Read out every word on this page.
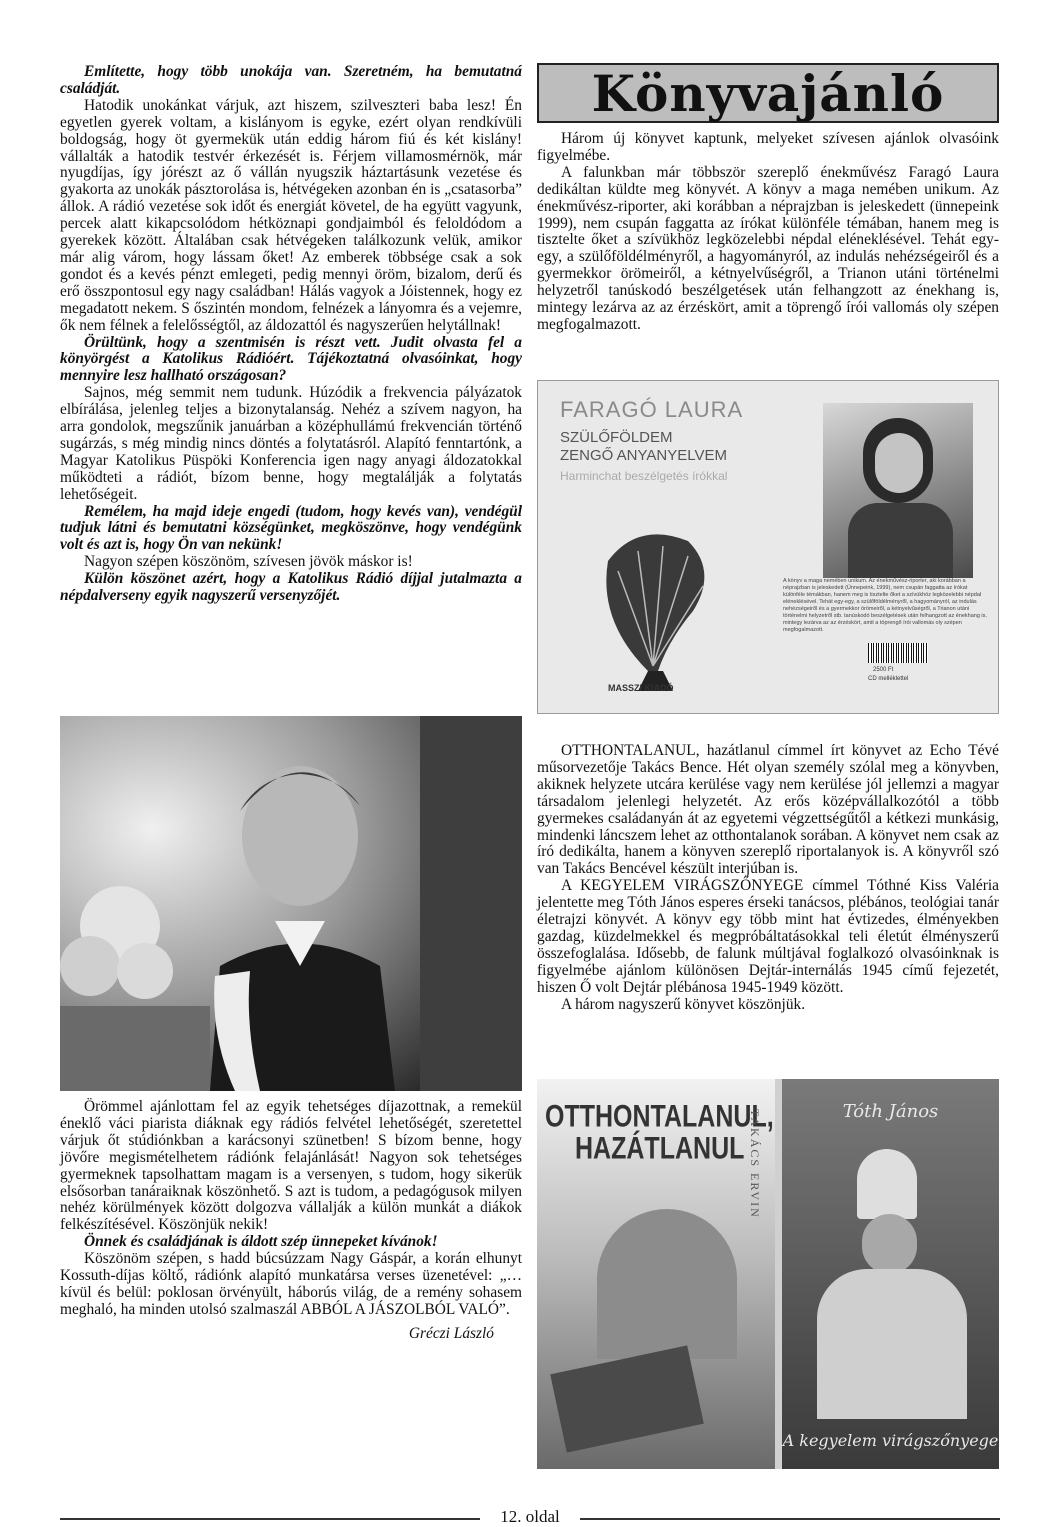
Említette, hogy több unokája van. Szeretném, ha bemutatná családját.

Hatodik unokánkat várjuk, azt hiszem, szilveszteri baba lesz! Én egyetlen gyerek voltam, a kislányom is egyke, ezért olyan rendkívüli boldogság, hogy öt gyermekük után eddig három fiú és két kislány! vállalták a hatodik testvér érkezését is. Férjem villamosmérnök, már nyugdíjas, így jórészt az ő vállán nyugszik háztartásunk vezetése és gyakorta az unokák pásztorolása is, hétvégeken azonban én is „csatasorba” állok. A rádió vezetése sok időt és energiát követel, de ha együtt vagyunk, percek alatt kikapcsolódom hétköznapi gondjaimból és feloldódom a gyerekek között. Általában csak hétvégeken találkozunk velük, amikor már alig várom, hogy lássam őket! Az emberek többsége csak a sok gondot és a kevés pénzt emlegeti, pedig mennyi öröm, bizalom, derű és erő összpontosul egy nagy családban! Hálás vagyok a Jóistennek, hogy ez megadatott nekem. S őszintén mondom, felnézek a lányomra és a vejemre, ők nem félnek a felelősségtől, az áldozattól és nagyszerűen helytállnak!

Örültünk, hogy a szentmisén is részt vett. Judit olvasta fel a könyörgést a Katolikus Rádióért. Tájékoztatná olvasóinkat, hogy mennyire lesz hallható országosan?

Sajnos, még semmit nem tudunk. Húzódik a frekvencia pályázatok elbírálása, jelenleg teljes a bizonytalanság. Nehéz a szívem nagyon, ha arra gondolok, megszűnik januárban a középhullámú frekvencián történő sugárzás, s még mindig nincs döntés a folytatásról. Alapító fenntartónk, a Magyar Katolikus Püspöki Konferencia igen nagy anyagi áldozatokkal működteti a rádiót, bízom benne, hogy megtalálják a folytatás lehetőségeit.

Remélem, ha majd ideje engedi (tudom, hogy kevés van), vendégül tudjuk látni és bemutatni községünket, megköszönve, hogy vendégünk volt és azt is, hogy Ön van nekünk!

Nagyon szépen köszönöm, szívesen jövök máskor is!

Külön köszönet azért, hogy a Katolikus Rádió díjjal jutalmazta a népdalverseny egyik nagyszerű versenyzőjét.

Örömmel ajánlottam fel az egyik tehetséges díjazottnak, a remekül éneklő váci piarista diáknak egy rádiós felvétel lehetőségét, szeretettel várjuk őt stúdiónkban a karácsonyi szünetben! S bízom benne, hogy jövőre megismételhetem rádiónk felajánlását! Nagyon sok tehetséges gyermeknek tapsolhattam magam is a versenyen, s tudom, hogy sikerük elsősorban tanáraiknak köszönhető. S azt is tudom, a pedagógusok milyen nehéz körülmények között dolgozva vállalják a külön munkát a diákok felkészítésével. Köszönjük nekik!

Önnek és családjának is áldott szép ünnepeket kívánok!

Köszönöm szépen, s hadd búcsúzzam Nagy Gáspár, a korán elhunyt Kossuth-díjas költő, rádiónk alapító munkatársa verses üzenetével: „… kívül és belül: poklosan örvényült, háborús világ, de a remény sohasem meghaló, ha minden utolsó szalmaszál ABBÓL A JÁSZOLBÓL VALÓ”.

Gréczi László
Könyvajánló

Három új könyvet kaptunk, melyeket szívesen ajánlok olvasóink figyelmébe.

A falunkban már többször szereplő énekművész Faragó Laura dedikáltan küldte meg könyvét. A könyv a maga nemében unikum. Az énekművész-riporter, aki korábban a néprajzban is jeleskedett (ünnepeink 1999), nem csupán faggatta az írókat különféle témában, hanem meg is tisztelte őket a szívükhöz legközelebbi népdal eléneklésével. Tehát egy-egy, a szülőföldélményről, a hagyományról, az indulás nehézségeiről és a gyermekkor örömeiről, a kétnyelvűségről, a Trianon utáni történelmi helyzetről tanúskodó beszélgetések után felhangzott az énekhang is, mintegy lezárva az az érzéskört, amit a töprengő írói vallomás oly szépen megfogalmazott.

FARAGÓ LAURA
SZÜLŐFÖLDEM
ZENGŐ ANYANYELVEM
Harminchat beszélgetés írókkal
A könyv a maga nemében unikum. Az énekművész-riporter, aki korábban a néprajzban is jeleskedett (Ünnepeink, 1999), nem csupán faggatta az írókat különféle témákban, hanem meg is tisztelte őket a szívükhöz legközelebbi népdal eléneklésével. Tehát egy-egy, a szülőföldélményről, a hagyományról, az indulás nehézségeiről és a gyermekkor örömeiről, a kétnyelvűségről, a Trianon utáni történelmi helyzetről stb. tanúskodó beszélgetések után felhangzott az énekhang is, mintegy lezárva az az érzéskört, amit a töprengő írói vallomás oly szépen megfogalmazott.
2500 Ft
CD melléklettel
MASSZI KIADÓ

OTTHONTALANUL, hazátlanul címmel írt könyvet az Echo Tévé műsorvezetője Takács Bence. Hét olyan személy szólal meg a könyvben, akiknek helyzete utcára kerülése vagy nem kerülése jól jellemzi a magyar társadalom jelenlegi helyzetét. Az erős középvállalkozótól a több gyermekes családanyán át az egyetemi végzettségűtől a kétkezi munkásig, mindenki láncszem lehet az otthontalanok sorában. A könyvet nem csak az író dedikálta, hanem a könyven szereplő riportalanyok is. A könyvről szó van Takács Bencével készült interjúban is.

A KEGYELEM VIRÁGSZŐNYEGE címmel Tóthné Kiss Valéria jelentette meg Tóth János esperes érseki tanácsos, plébános, teológiai tanár életrajzi könyvét. A könyv egy több mint hat évtizedes, élményekben gazdag, küzdelmekkel és megpróbáltatásokkal teli életút élményszerű összefoglalása. Idősebb, de falunk múltjával foglalkozó olvasóinknak is figyelmébe ajánlom különösen Dejtár-internálás 1945 című fejezetét, hiszen Ő volt Dejtár plébánosa 1945-1949 között.

A három nagyszerű könyvet köszönjük.

OTTHONTALANUL,
HAZÁTLANUL TAKÁCS ERVIN	Tóth János
A kegyelem virágszőnyege
12. oldal
